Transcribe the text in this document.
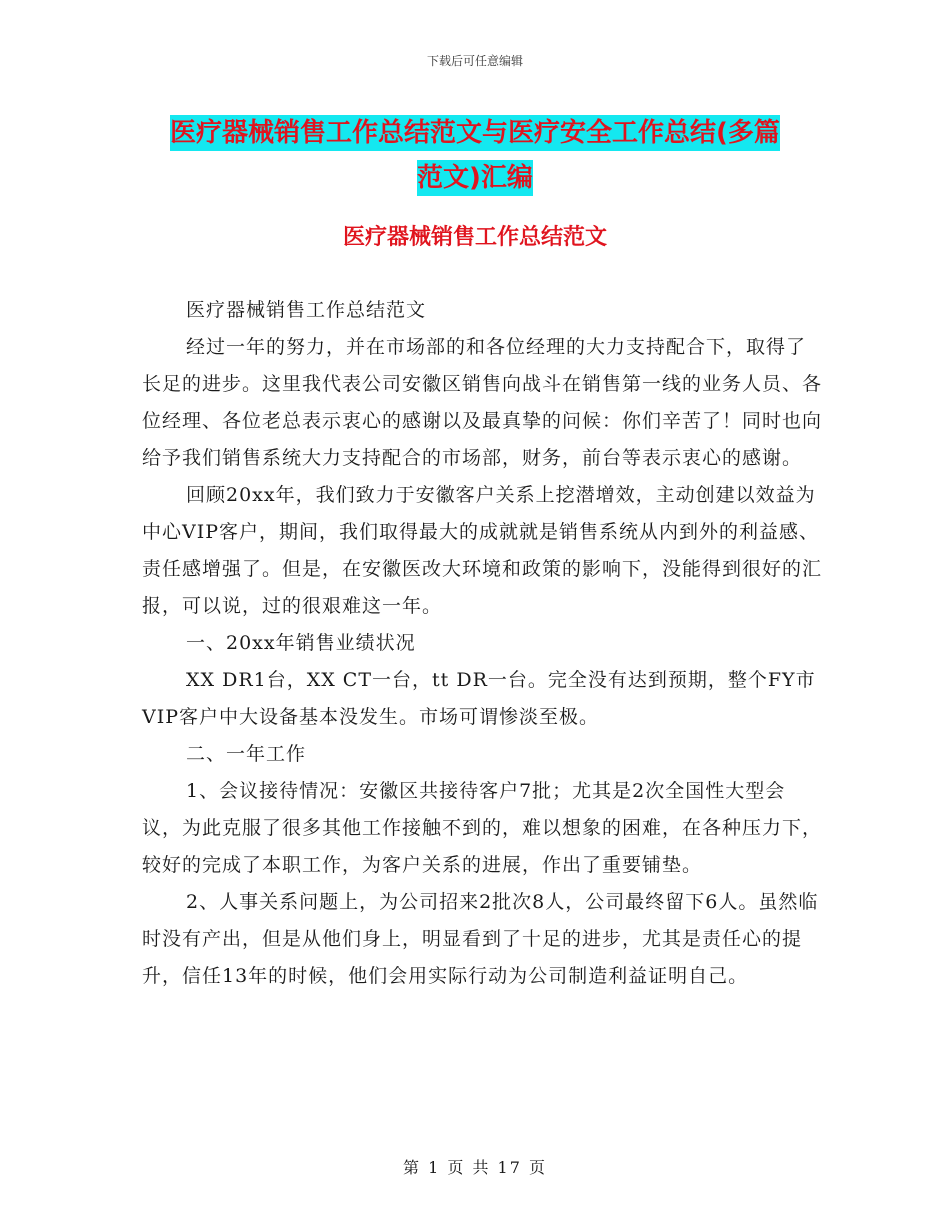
下载后可任意编辑
医疗器械销售工作总结范文与医疗安全工作总结(多篇
范文)汇编
医疗器械销售工作总结范文

医疗器械销售工作总结范文

经过一年的努力，并在市场部的和各位经理的大力支持配合下，取得了长足的进步。这里我代表公司安徽区销售向战斗在销售第一线的业务人员、各位经理、各位老总表示衷心的感谢以及最真挚的问候：你们辛苦了！同时也向给予我们销售系统大力支持配合的市场部，财务，前台等表示衷心的感谢。

回顾20xx年，我们致力于安徽客户关系上挖潜增效，主动创建以效益为中心VIP客户，期间，我们取得最大的成就就是销售系统从内到外的利益感、责任感增强了。但是，在安徽医改大环境和政策的影响下，没能得到很好的汇报，可以说，过的很艰难这一年。

一、20xx年销售业绩状况

XX DR1台，XX CT一台，tt DR一台。完全没有达到预期，整个FY市VIP客户中大设备基本没发生。市场可谓惨淡至极。

二、一年工作

1、会议接待情况：安徽区共接待客户7批；尤其是2次全国性大型会议，为此克服了很多其他工作接触不到的，难以想象的困难，在各种压力下，较好的完成了本职工作，为客户关系的进展，作出了重要铺垫。

2、人事关系问题上，为公司招来2批次8人，公司最终留下6人。虽然临时没有产出，但是从他们身上，明显看到了十足的进步，尤其是责任心的提升，信任13年的时候，他们会用实际行动为公司制造利益证明自己。

第 1 页 共 17 页
